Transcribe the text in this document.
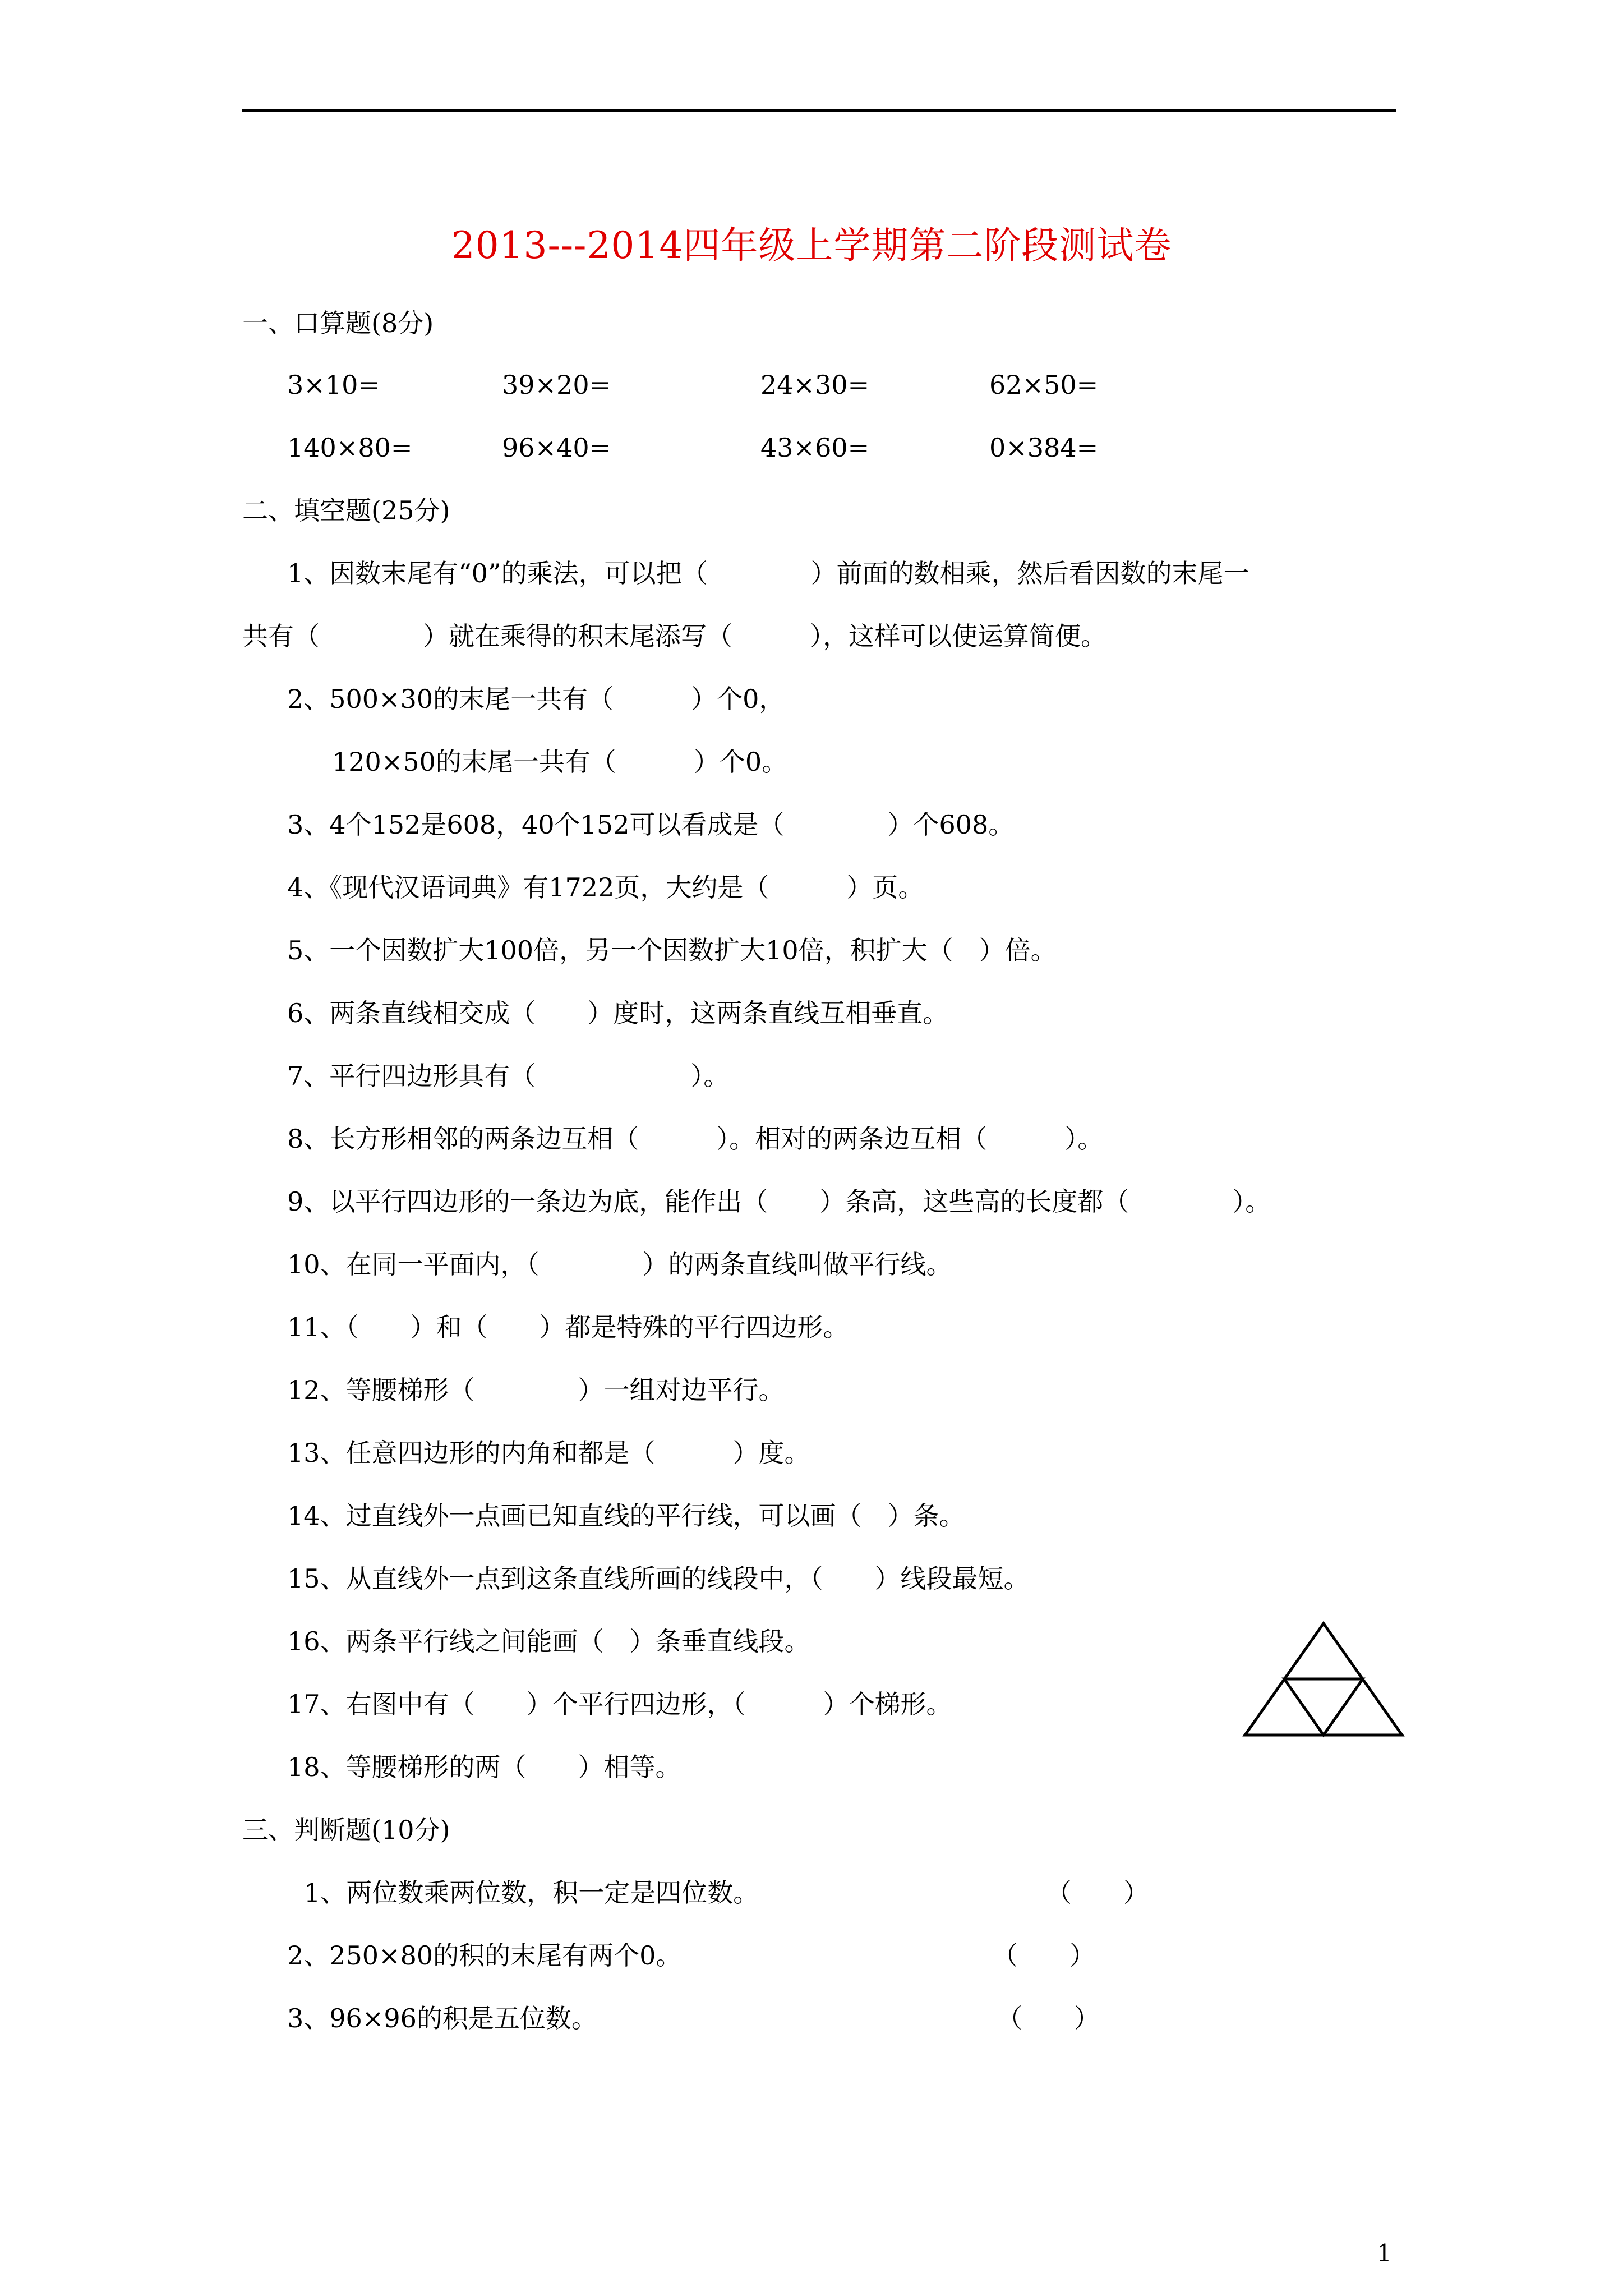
2013---2014四年级上学期第二阶段测试卷
一、口算题(8分)
3×10=	39×20=	24×30=	62×50=
140×80=	96×40=	43×60=	0×384=
二、填空题(25分)
1、因数末尾有“0”的乘法，可以把（　　　　）前面的数相乘，然后看因数的末尾一
共有（　　　　）就在乘得的积末尾添写（　　　），这样可以使运算简便。
2、500×30的末尾一共有（　　　）个0，
120×50的末尾一共有（　　　）个0。
3、4个152是608，40个152可以看成是（　　　　）个608。
4、《现代汉语词典》有1722页，大约是（　　　）页。
5、一个因数扩大100倍，另一个因数扩大10倍，积扩大（　）倍。
6、两条直线相交成（　　）度时，这两条直线互相垂直。
7、平行四边形具有（　　　　　　）。
8、长方形相邻的两条边互相（　　　）。相对的两条边互相（　　　）。
9、以平行四边形的一条边为底，能作出（　　）条高，这些高的长度都（　　　　）。
10、在同一平面内，（　　　　）的两条直线叫做平行线。
11、（　　）和（　　）都是特殊的平行四边形。
12、等腰梯形（　　　　）一组对边平行。
13、任意四边形的内角和都是（　　　）度。
14、过直线外一点画已知直线的平行线，可以画（　）条。
15、从直线外一点到这条直线所画的线段中，（　　）线段最短。
16、两条平行线之间能画（　）条垂直线段。
17、右图中有（　　）个平行四边形，（　　　）个梯形。
18、等腰梯形的两（　　）相等。
三、判断题(10分)
1、两位数乘两位数，积一定是四位数。	（　　）
2、250×80的积的末尾有两个0。	（　　）
3、96×96的积是五位数。	（　　）
1
